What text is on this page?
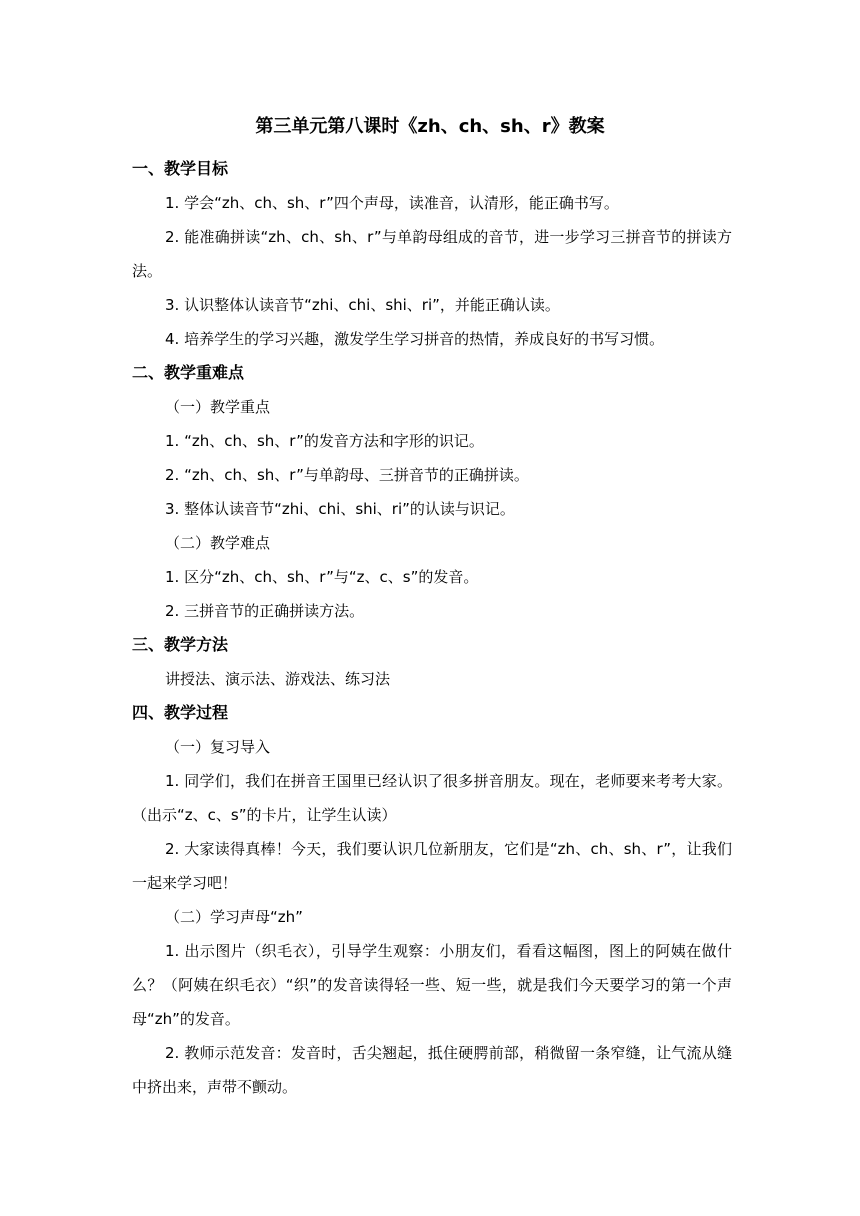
第三单元第八课时《zh、ch、sh、r》教案

一、教学目标

1. 学会“zh、ch、sh、r”四个声母，读准音，认清形，能正确书写。

2. 能准确拼读“zh、ch、sh、r”与单韵母组成的音节，进一步学习三拼音节的拼读方法。

3. 认识整体认读音节“zhi、chi、shi、ri”，并能正确认读。

4. 培养学生的学习兴趣，激发学生学习拼音的热情，养成良好的书写习惯。

二、教学重难点

（一）教学重点

1. “zh、ch、sh、r”的发音方法和字形的识记。

2. “zh、ch、sh、r”与单韵母、三拼音节的正确拼读。

3. 整体认读音节“zhi、chi、shi、ri”的认读与识记。

（二）教学难点

1. 区分“zh、ch、sh、r”与“z、c、s”的发音。

2. 三拼音节的正确拼读方法。

三、教学方法

讲授法、演示法、游戏法、练习法

四、教学过程

（一）复习导入

1. 同学们，我们在拼音王国里已经认识了很多拼音朋友。现在，老师要来考考大家。（出示“z、c、s”的卡片，让学生认读）

2. 大家读得真棒！今天，我们要认识几位新朋友，它们是“zh、ch、sh、r”，让我们一起来学习吧！

（二）学习声母“zh”

1. 出示图片（织毛衣），引导学生观察：小朋友们，看看这幅图，图上的阿姨在做什么？（阿姨在织毛衣）“织”的发音读得轻一些、短一些，就是我们今天要学习的第一个声母“zh”的发音。

2. 教师示范发音：发音时，舌尖翘起，抵住硬腭前部，稍微留一条窄缝，让气流从缝中挤出来，声带不颤动。
